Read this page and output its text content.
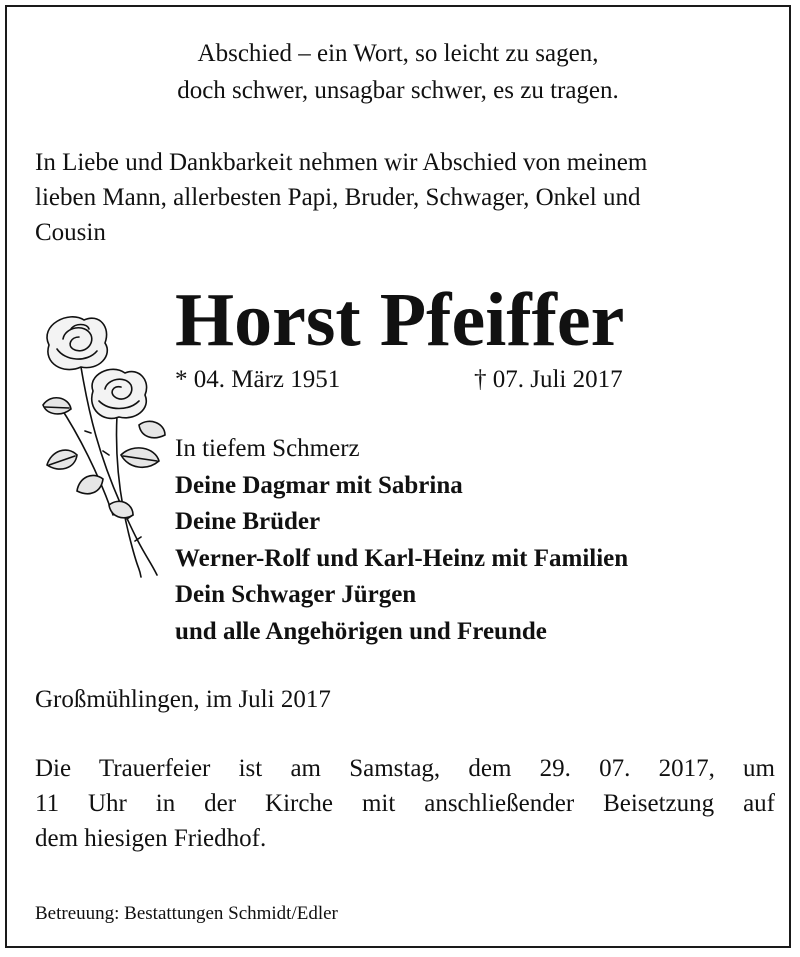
Abschied – ein Wort, so leicht zu sagen,
doch schwer, unsagbar schwer, es zu tragen.
In Liebe und Dankbarkeit nehmen wir Abschied von meinem
lieben Mann, allerbesten Papi, Bruder, Schwager, Onkel und
Cousin
Horst Pfeiffer
* 04. März 1951	† 07. Juli 2017
In tiefem Schmerz
Deine Dagmar mit Sabrina
Deine Brüder
Werner-Rolf und Karl-Heinz mit Familien
Dein Schwager Jürgen
und alle Angehörigen und Freunde
Großmühlingen, im Juli 2017
Die Trauerfeier ist am Samstag, dem 29. 07. 2017, um
11 Uhr in der Kirche mit anschließender Beisetzung auf
dem hiesigen Friedhof.
Betreuung: Bestattungen Schmidt/Edler
